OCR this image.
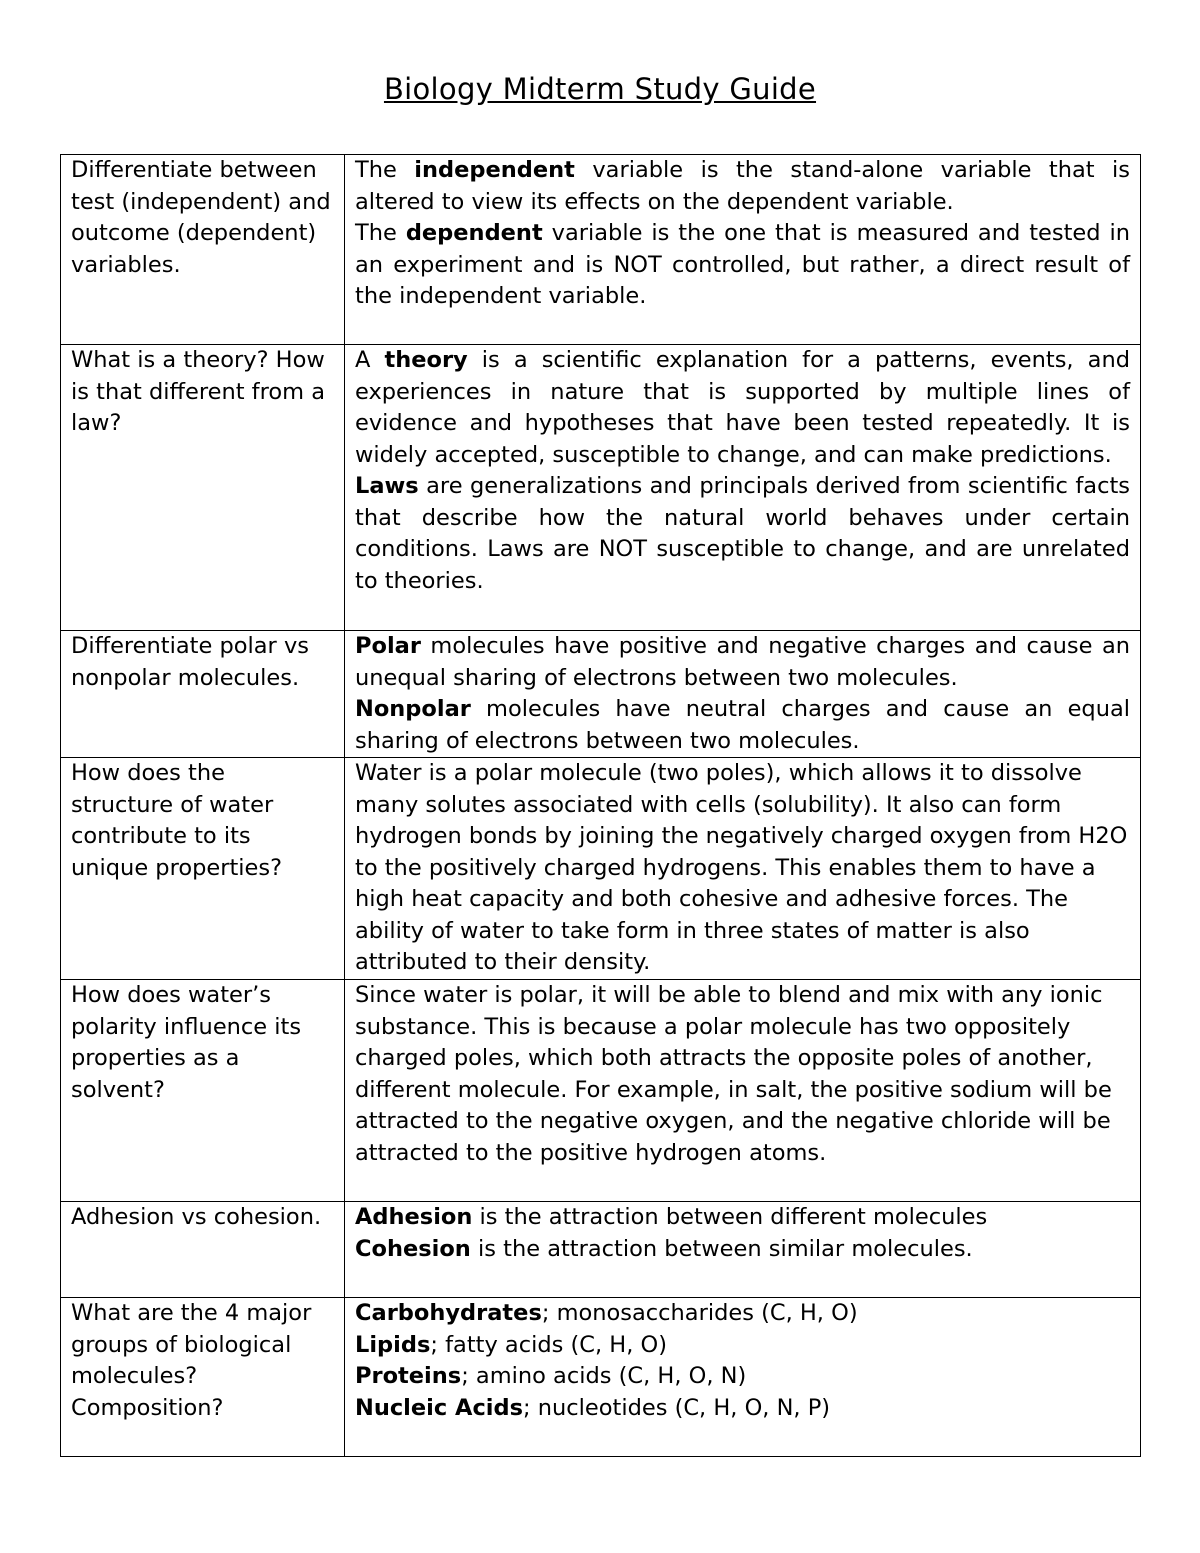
Biology Midterm Study Guide
Differentiate between test (independent) and outcome (dependent) variables.	The independent variable is the stand-alone variable that is altered to view its effects on the dependent variable.
The dependent variable is the one that is measured and tested in an experiment and is NOT controlled, but rather, a direct result of the independent variable.

What is a theory? How is that different from a law?	A theory is a scientific explanation for a patterns, events, and experiences in nature that is supported by multiple lines of evidence and hypotheses that have been tested repeatedly. It is widely accepted, susceptible to change, and can make predictions.
Laws are generalizations and principals derived from scientific facts that describe how the natural world behaves under certain conditions. Laws are NOT susceptible to change, and are unrelated to theories.

Differentiate polar vs nonpolar molecules.	Polar molecules have positive and negative charges and cause an unequal sharing of electrons between two molecules.
Nonpolar molecules have neutral charges and cause an equal sharing of electrons between two molecules.

How does the structure of water contribute to its unique properties?	Water is a polar molecule (two poles), which allows it to dissolve many solutes associated with cells (solubility). It also can form hydrogen bonds by joining the negatively charged oxygen from H2O to the positively charged hydrogens. This enables them to have a high heat capacity and both cohesive and adhesive forces. The ability of water to take form in three states of matter is also attributed to their density.
How does water’s polarity influence its properties as a solvent?	Since water is polar, it will be able to blend and mix with any ionic substance. This is because a polar molecule has two oppositely charged poles, which both attracts the opposite poles of another, different molecule. For example, in salt, the positive sodium will be attracted to the negative oxygen, and the negative chloride will be attracted to the positive hydrogen atoms.
Adhesion vs cohesion.	Adhesion is the attraction between different molecules
Cohesion is the attraction between similar molecules.

What are the 4 major groups of biological molecules? Composition?	Carbohydrates; monosaccharides (C, H, O)
Lipids; fatty acids (C, H, O)
Proteins; amino acids (C, H, O, N)
Nucleic Acids; nucleotides (C, H, O, N, P)
